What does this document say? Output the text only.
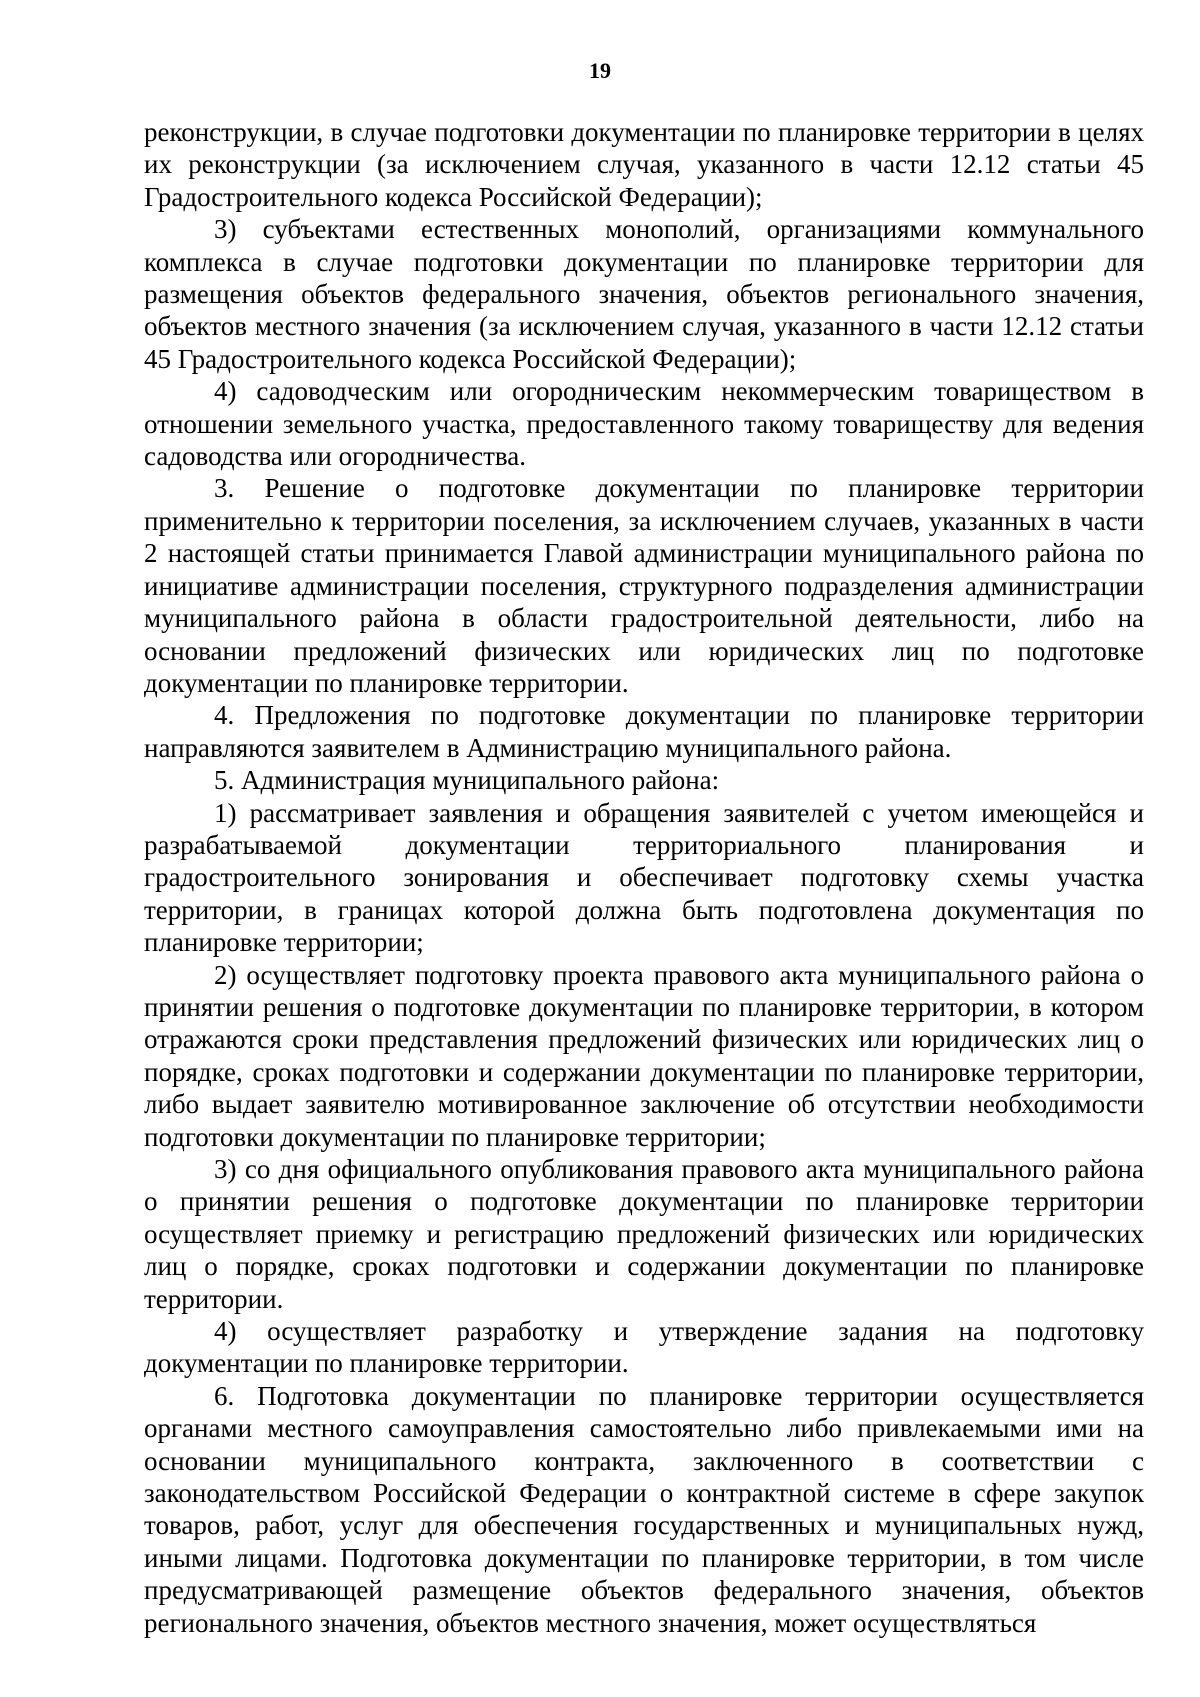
19

реконструкции, в случае подготовки документации по планировке территории в целях их реконструкции (за исключением случая, указанного в части 12.12 статьи 45 Градостроительного кодекса Российской Федерации);

3) субъектами естественных монополий, организациями коммунального комплекса в случае подготовки документации по планировке территории для размещения объектов федерального значения, объектов регионального значения, объектов местного значения (за исключением случая, указанного в части 12.12 статьи 45 Градостроительного кодекса Российской Федерации);

4) садоводческим или огородническим некоммерческим товариществом в отношении земельного участка, предоставленного такому товариществу для ведения садоводства или огородничества.

3. Решение о подготовке документации по планировке территории применительно к территории поселения, за исключением случаев, указанных в части 2 настоящей статьи принимается Главой администрации муниципального района по инициативе администрации поселения, структурного подразделения администрации муниципального района в области градостроительной деятельности, либо на основании предложений физических или юридических лиц по подготовке документации по планировке территории.

4. Предложения по подготовке документации по планировке территории направляются заявителем в Администрацию муниципального района.

5. Администрация муниципального района:

1) рассматривает заявления и обращения заявителей с учетом имеющейся и разрабатываемой документации территориального планирования и градостроительного зонирования и обеспечивает подготовку схемы участка территории, в границах которой должна быть подготовлена документация по планировке территории;

2) осуществляет подготовку проекта правового акта муниципального района о принятии решения о подготовке документации по планировке территории, в котором отражаются сроки представления предложений физических или юридических лиц о порядке, сроках подготовки и содержании документации по планировке территории, либо выдает заявителю мотивированное заключение об отсутствии необходимости подготовки документации по планировке территории;

3) со дня официального опубликования правового акта муниципального района о принятии решения о подготовке документации по планировке территории осуществляет приемку и регистрацию предложений физических или юридических лиц о порядке, сроках подготовки и содержании документации по планировке территории.

4) осуществляет разработку и утверждение задания на подготовку документации по планировке территории.

6. Подготовка документации по планировке территории осуществляется органами местного самоуправления самостоятельно либо привлекаемыми ими на основании муниципального контракта, заключенного в соответствии с законодательством Российской Федерации о контрактной системе в сфере закупок товаров, работ, услуг для обеспечения государственных и муниципальных нужд, иными лицами. Подготовка документации по планировке территории, в том числе предусматривающей размещение объектов федерального значения, объектов регионального значения, объектов местного значения, может осуществляться
